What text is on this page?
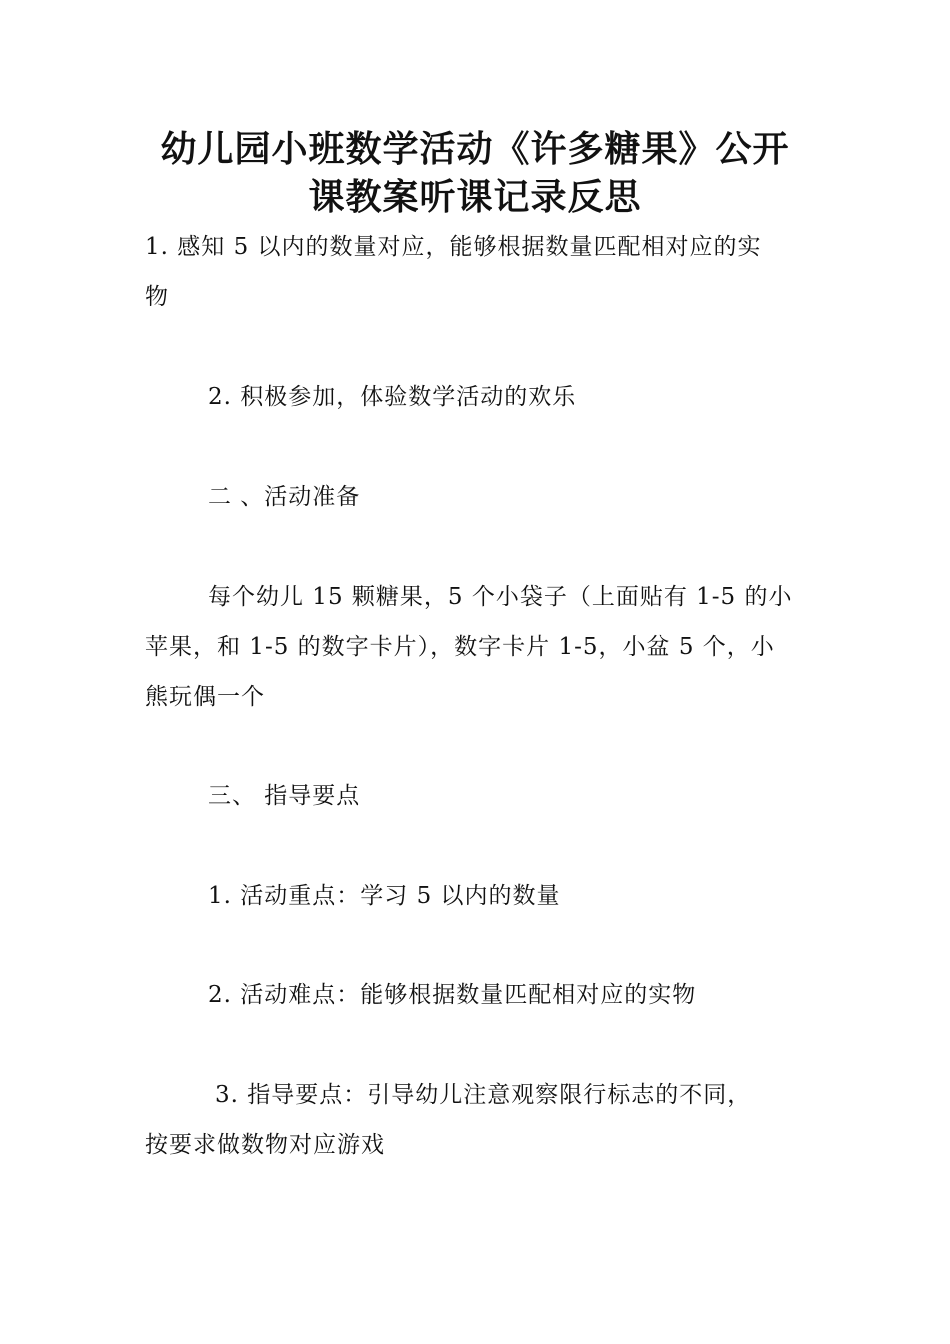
幼儿园小班数学活动《许多糖果》公开
课教案听课记录反思

1. 感知 5 以内的数量对应，能够根据数量匹配相对应的实
物

2. 积极参加，体验数学活动的欢乐

二 、活动准备

每个幼儿 15 颗糖果，5 个小袋子（上面贴有 1-5 的小
苹果，和 1-5 的数字卡片），数字卡片 1-5，小盆 5 个，小
熊玩偶一个

三、 指导要点

1. 活动重点：学习 5 以内的数量

2. 活动难点：能够根据数量匹配相对应的实物

3. 指导要点：引导幼儿注意观察限行标志的不同，
按要求做数物对应游戏
